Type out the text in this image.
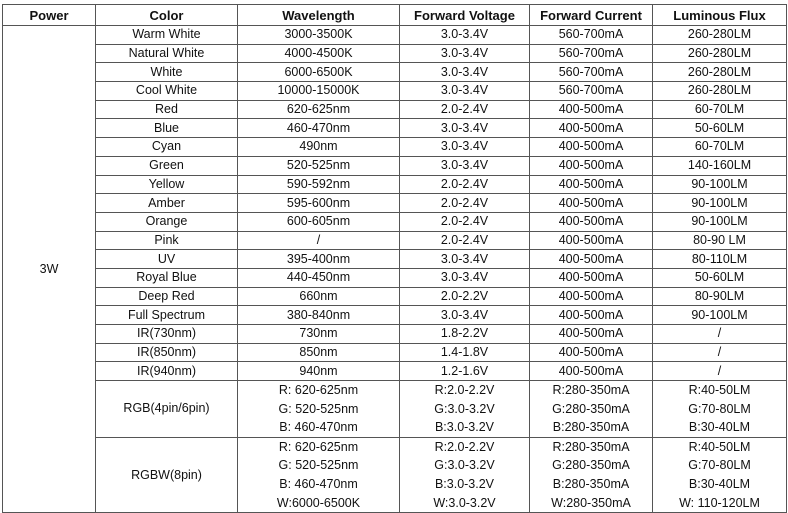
Power	Color	Wavelength	Forward Voltage	Forward Current	Luminous Flux
3W	Warm White	3000-3500K	3.0-3.4V	560-700mA	260-280LM
	Natural White	4000-4500K	3.0-3.4V	560-700mA	260-280LM
	White	6000-6500K	3.0-3.4V	560-700mA	260-280LM
	Cool White	10000-15000K	3.0-3.4V	560-700mA	260-280LM
	Red	620-625nm	2.0-2.4V	400-500mA	60-70LM
	Blue	460-470nm	3.0-3.4V	400-500mA	50-60LM
	Cyan	490nm	3.0-3.4V	400-500mA	60-70LM
	Green	520-525nm	3.0-3.4V	400-500mA	140-160LM
	Yellow	590-592nm	2.0-2.4V	400-500mA	90-100LM
	Amber	595-600nm	2.0-2.4V	400-500mA	90-100LM
	Orange	600-605nm	2.0-2.4V	400-500mA	90-100LM
	Pink	/	2.0-2.4V	400-500mA	80-90 LM
	UV	395-400nm	3.0-3.4V	400-500mA	80-110LM
	Royal Blue	440-450nm	3.0-3.4V	400-500mA	50-60LM
	Deep Red	660nm	2.0-2.2V	400-500mA	80-90LM
	Full Spectrum	380-840nm	3.0-3.4V	400-500mA	90-100LM
	IR(730nm)	730nm	1.8-2.2V	400-500mA	/
	IR(850nm)	850nm	1.4-1.8V	400-500mA	/
	IR(940nm)	940nm	1.2-1.6V	400-500mA	/
	RGB(4pin/6pin)	R: 620-625nm
G: 520-525nm
B: 460-470nm	R:2.0-2.2V
G:3.0-3.2V
B:3.0-3.2V	R:280-350mA
G:280-350mA
B:280-350mA	R:40-50LM
G:70-80LM
B:30-40LM

	RGBW(8pin)	R: 620-625nm
G: 520-525nm
B: 460-470nm
W:6000-6500K	R:2.0-2.2V
G:3.0-3.2V
B:3.0-3.2V
W:3.0-3.2V	R:280-350mA
G:280-350mA
B:280-350mA
W:280-350mA	R:40-50LM
G:70-80LM
B:30-40LM
W: 110-120LM
